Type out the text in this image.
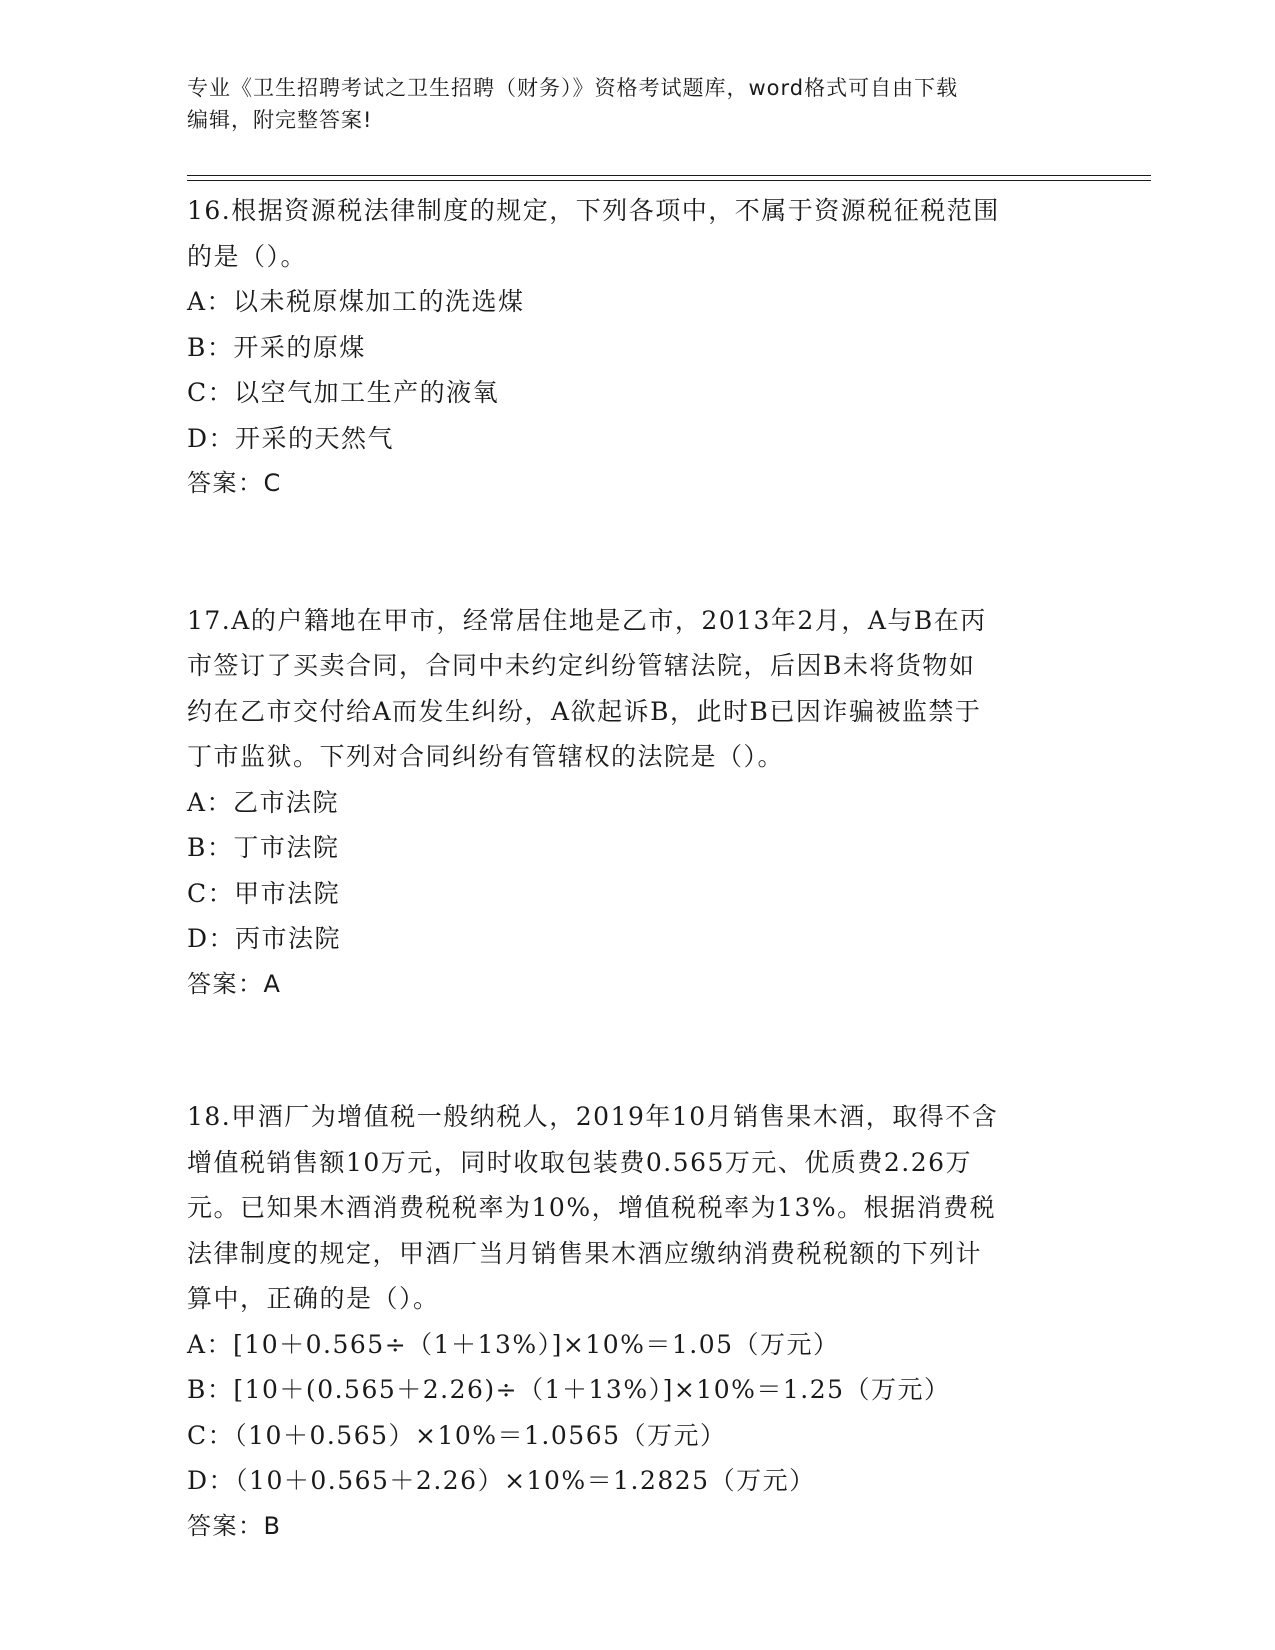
专业《卫生招聘考试之卫生招聘（财务）》资格考试题库，word格式可自由下载
编辑，附完整答案!
16.根据资源税法律制度的规定，下列各项中，不属于资源税征税范围
的是（）。
A：以未税原煤加工的洗选煤
B：开采的原煤
C：以空气加工生产的液氧
D：开采的天然气
答案：C
17.A的户籍地在甲市，经常居住地是乙市，2013年2月，A与B在丙
市签订了买卖合同，合同中未约定纠纷管辖法院，后因B未将货物如
约在乙市交付给A而发生纠纷，A欲起诉B，此时B已因诈骗被监禁于
丁市监狱。下列对合同纠纷有管辖权的法院是（）。
A：乙市法院
B：丁市法院
C：甲市法院
D：丙市法院
答案：A
18.甲酒厂为增值税一般纳税人，2019年10月销售果木酒，取得不含
增值税销售额10万元，同时收取包装费0.565万元、优质费2.26万
元。已知果木酒消费税税率为10%，增值税税率为13%。根据消费税
法律制度的规定，甲酒厂当月销售果木酒应缴纳消费税税额的下列计
算中，正确的是（）。
A：[10＋0.565÷（1＋13%）]×10%＝1.05（万元）
B：[10＋(0.565＋2.26)÷（1＋13%）]×10%＝1.25（万元）
C：（10＋0.565）×10%＝1.0565（万元）
D：（10＋0.565＋2.26）×10%＝1.2825（万元）
答案：B
